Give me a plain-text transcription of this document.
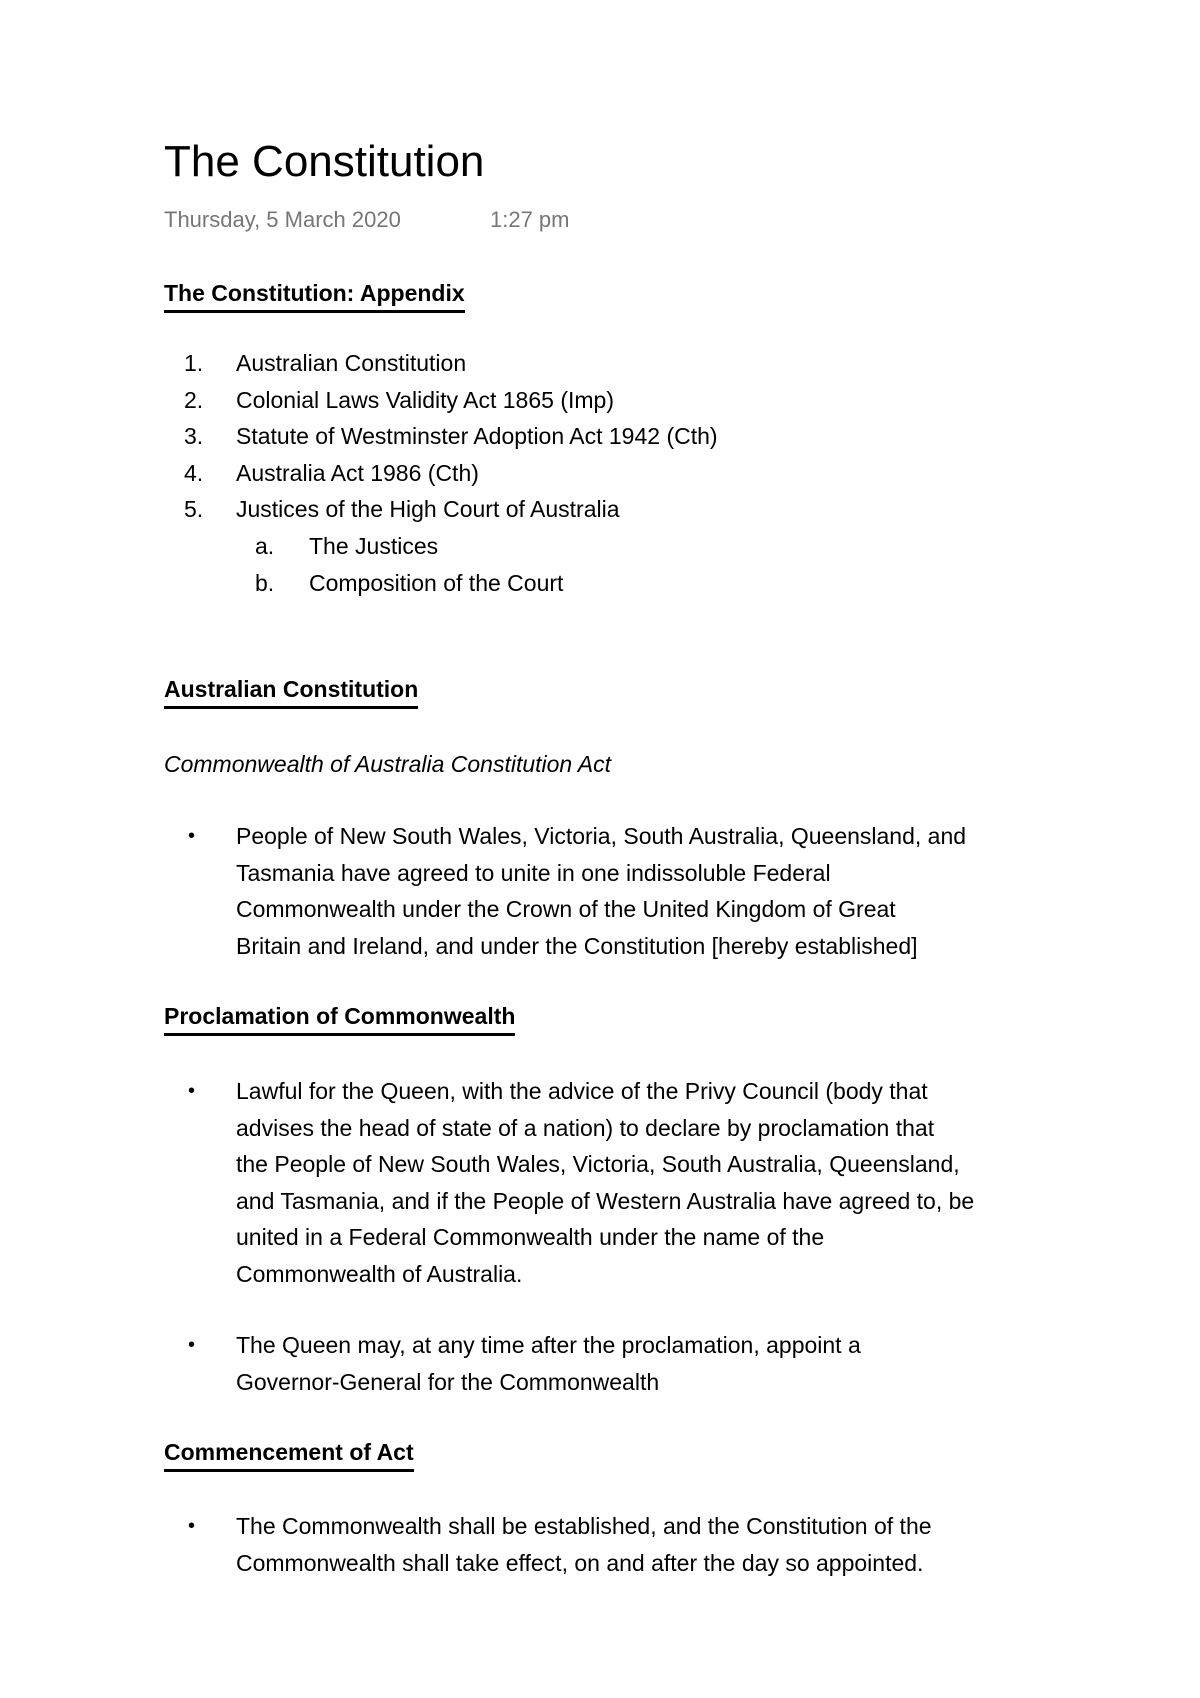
The Constitution
Thursday, 5 March 2020	1:27 pm
The Constitution: Appendix
1.	Australian Constitution
2.	Colonial Laws Validity Act 1865 (Imp)
3.	Statute of Westminster Adoption Act 1942 (Cth)
4.	Australia Act 1986 (Cth)
5.	Justices of the High Court of Australia
a.	The Justices
b.	Composition of the Court
Australian Constitution

Commonwealth of Australia Constitution Act

• People of New South Wales, Victoria, South Australia, Queensland, and
Tasmania have agreed to unite in one indissoluble Federal
Commonwealth under the Crown of the United Kingdom of Great
Britain and Ireland, and under the Constitution [hereby established]
Proclamation of Commonwealth
• Lawful for the Queen, with the advice of the Privy Council (body that
advises the head of state of a nation) to declare by proclamation that
the People of New South Wales, Victoria, South Australia, Queensland,
and Tasmania, and if the People of Western Australia have agreed to, be
united in a Federal Commonwealth under the name of the
Commonwealth of Australia.
• The Queen may, at any time after the proclamation, appoint a
Governor-General for the Commonwealth
Commencement of Act
• The Commonwealth shall be established, and the Constitution of the
Commonwealth shall take effect, on and after the day so appointed.
